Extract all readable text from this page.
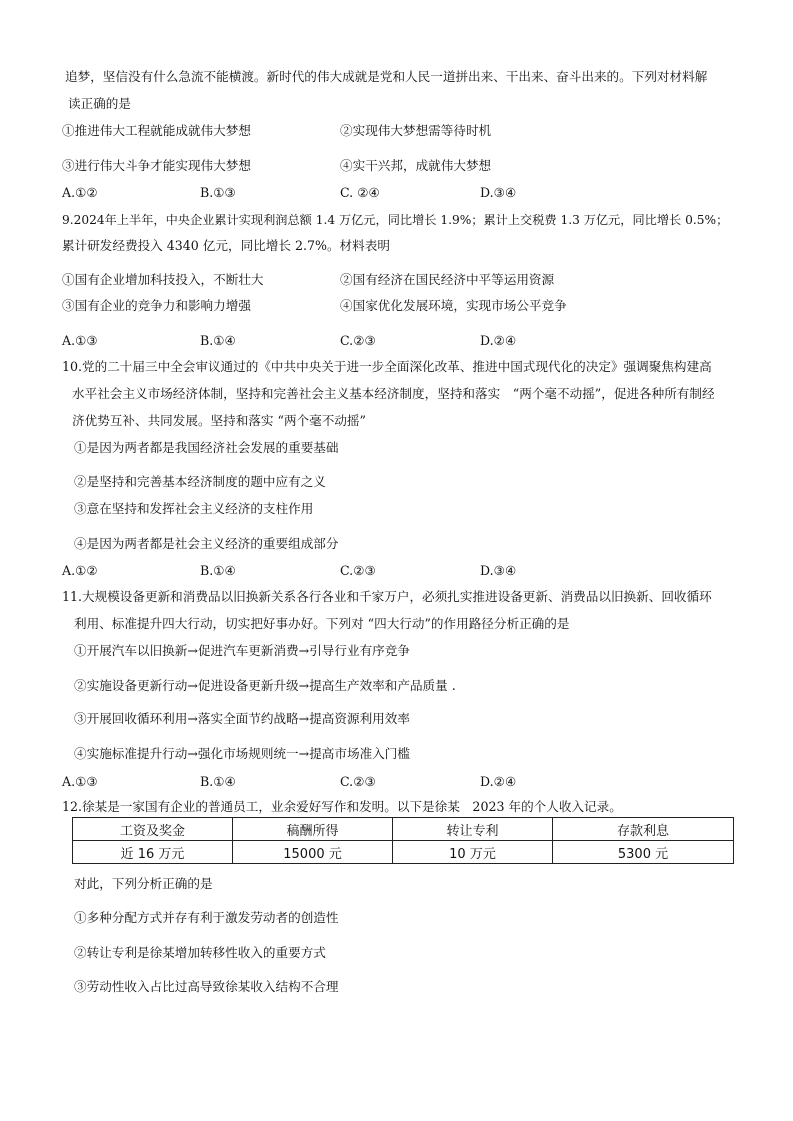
追梦，坚信没有什么急流不能横渡。新时代的伟大成就是党和人民一道拼出来、干出来、奋斗出来的。下列对材料解
读正确的是
①推进伟大工程就能成就伟大梦想	②实现伟大梦想需等待时机
③进行伟大斗争才能实现伟大梦想	④实干兴邦，成就伟大梦想
A.①②	B.①③	C. ②④	D.③④
9.2024年上半年，中央企业累计实现利润总额 1.4 万亿元，同比增长 1.9%；累计上交税费 1.3 万亿元，同比增长 0.5%；
累计研发经费投入 4340 亿元，同比增长 2.7%。材料表明
①国有企业增加科技投入，不断壮大	②国有经济在国民经济中平等运用资源
③国有企业的竞争力和影响力增强	④国家优化发展环境，实现市场公平竞争
A.①③	B.①④	C.②③	D.②④
10.党的二十届三中全会审议通过的《中共中央关于进一步全面深化改革、推进中国式现代化的决定》强调聚焦构建高
水平社会主义市场经济体制，坚持和完善社会主义基本经济制度，坚持和落实　“两个毫不动摇”，促进各种所有制经
济优势互补、共同发展。坚持和落实 “两个毫不动摇”
①是因为两者都是我国经济社会发展的重要基础
②是坚持和完善基本经济制度的题中应有之义
③意在坚持和发挥社会主义经济的支柱作用
④是因为两者都是社会主义经济的重要组成部分
A.①②	B.①④	C.②③	D.③④
11.大规模设备更新和消费品以旧换新关系各行各业和千家万户，必须扎实推进设备更新、消费品以旧换新、回收循环
利用、标准提升四大行动，切实把好事办好。下列对 “四大行动”的作用路径分析正确的是
①开展汽车以旧换新→促进汽车更新消费→引导行业有序竞争
②实施设备更新行动→促进设备更新升级→提高生产效率和产品质量 .
③开展回收循环利用→落实全面节约战略→提高资源利用效率
④实施标准提升行动→强化市场规则统一→提高市场准入门槛
A.①③	B.①④	C.②③	D.②④
12.徐某是一家国有企业的普通员工，业余爱好写作和发明。以下是徐某　2023 年的个人收入记录。
工资及奖金	稿酬所得	转让专利	存款利息
近 16 万元	15000 元	10 万元	5300 元
对此，下列分析正确的是
①多种分配方式并存有利于激发劳动者的创造性
②转让专利是徐某增加转移性收入的重要方式
③劳动性收入占比过高导致徐某收入结构不合理
